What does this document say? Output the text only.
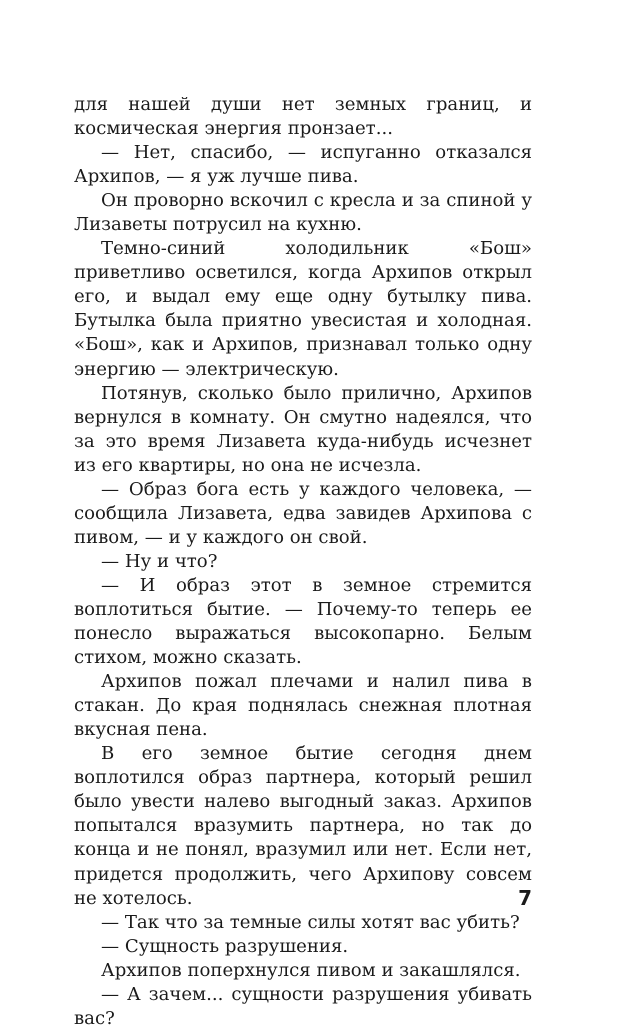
для нашей души нет земных границ, и космическая энергия пронзает...

— Нет, спасибо, — испуганно отказался Архипов, — я уж лучше пива.

Он проворно вскочил с кресла и за спиной у Лизаветы потрусил на кухню.

Темно-синий холодильник «Бош» приветливо осветился, когда Архипов открыл его, и выдал ему еще одну бутылку пива. Бутылка была приятно увесистая и холодная. «Бош», как и Архипов, признавал только одну энергию — электрическую.

Потянув, сколько было прилично, Архипов вернулся в комнату. Он смутно надеялся, что за это время Лизавета куда-нибудь исчезнет из его квартиры, но она не исчезла.

— Образ бога есть у каждого человека, — сообщила Лизавета, едва завидев Архипова с пивом, — и у каждого он свой.

— Ну и что?

— И образ этот в земное стремится воплотиться бытие. — Почему-то теперь ее понесло выражаться высокопарно. Белым стихом, можно сказать.

Архипов пожал плечами и налил пива в стакан. До края поднялась снежная плотная вкусная пена.

В его земное бытие сегодня днем воплотился образ партнера, который решил было увести налево выгодный заказ. Архипов попытался вразумить партнера, но так до конца и не понял, вразумил или нет. Если нет, придется продолжить, чего Архипову совсем не хотелось.

— Так что за темные силы хотят вас убить?

— Сущность разрушения.

Архипов поперхнулся пивом и закашлялся.

— А зачем... сущности разрушения убивать вас?

7
